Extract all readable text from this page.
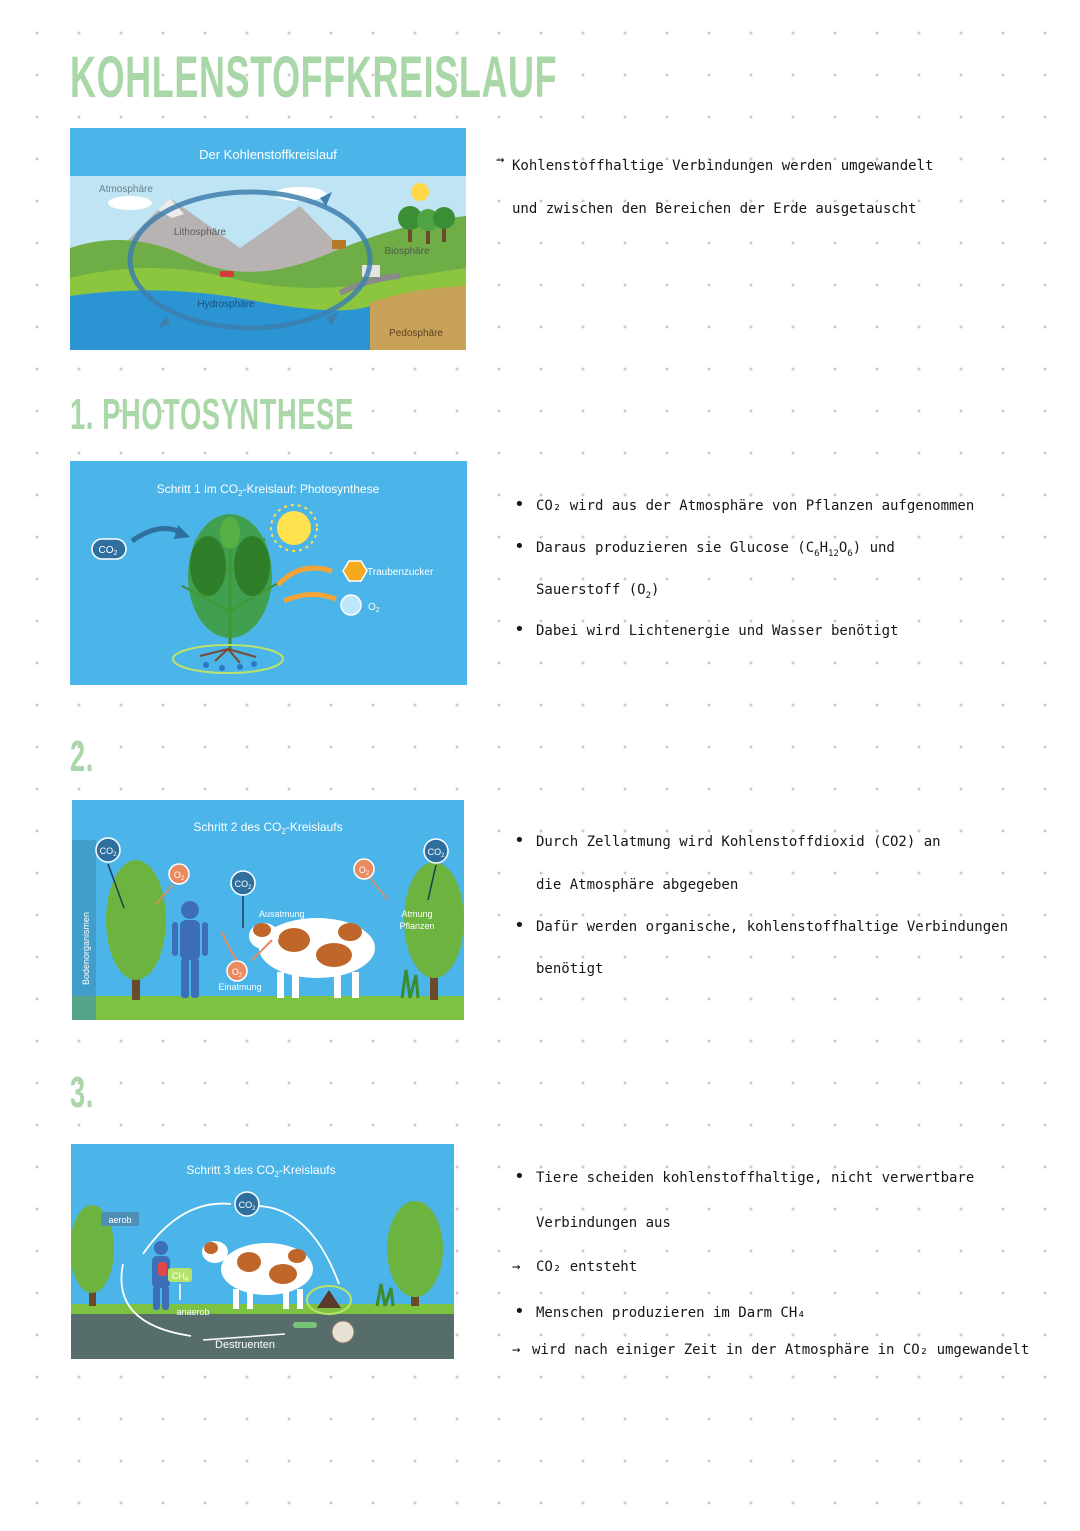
KOHLENSTOFFKREISLAUF
1. PHOTOSYNTHESE
2.
3.
Der Kohlenstoffkreislauf
Atmosphäre
Lithosphäre
Biosphäre
Hydrosphäre
Pedosphäre
Schritt 1 im $CO_2$-Kreislauf: Photosynthese
$CO_2$
Traubenzucker
$O_2$
Schritt 2 des $CO_2$-Kreislaufs
Bodenorganismen
$CO_2$	$CO_2$
$CO_2$
$O_2$
$O_2$
$O_2$
Ausatmung
Einatmung
Atmung
Pflanzen
Schritt 3 des $CO_2$-Kreislaufs
$CO_2$
aerob
$CH_4$
anaerob
Destruenten
→ Kohlenstoffhaltige Verbindungen werden umgewandelt
und zwischen den Bereichen der Erde ausgetauscht
• CO₂ wird aus der Atmosphäre von Pflanzen aufgenommen
• Daraus produzieren sie Glucose $(C_6H_{12}O_6)$ und
Sauerstoff $(O_2)$
• Dabei wird Lichtenergie und Wasser benötigt
• Durch Zellatmung wird Kohlenstoffdioxid (CO2) an
die Atmosphäre abgegeben
• Dafür werden organische, kohlenstoffhaltige Verbindungen
benötigt
• Tiere scheiden kohlenstoffhaltige, nicht verwertbare
Verbindungen aus
→ CO₂ entsteht
• Menschen produzieren im Darm CH₄
→ wird nach einiger Zeit in der Atmosphäre in CO₂ umgewandelt
